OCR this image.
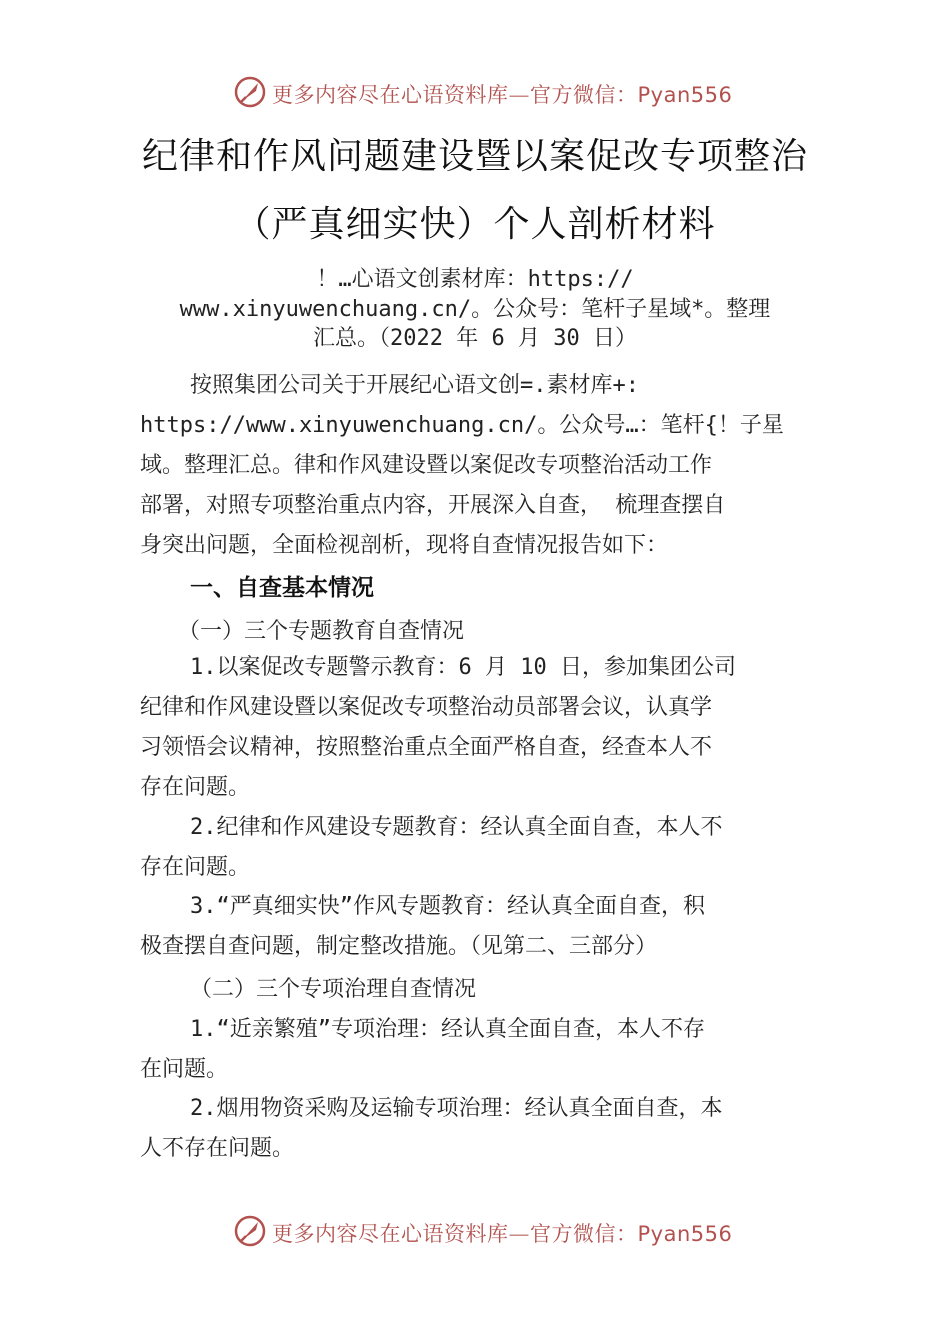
更多内容尽在心语资料库—官方微信：Pyan556
纪律和作风问题建设暨以案促改专项整治
（严真细实快）个人剖析材料
！…心语文创素材库：https://
www.xinyuwenchuang.cn/。公众号：笔杆子星域*。整理
汇总。（2022 年 6 月 30 日）
按照集团公司关于开展纪心语文创=.素材库+:
https://www.xinyuwenchuang.cn/。公众号…：笔杆{！子星
域。整理汇总。律和作风建设暨以案促改专项整治活动工作
部署，对照专项整治重点内容，开展深入自查， 梳理查摆自
身突出问题，全面检视剖析，现将自查情况报告如下：
一、自查基本情况
（一）三个专题教育自查情况
1.以案促改专题警示教育：6 月 10 日，参加集团公司
纪律和作风建设暨以案促改专项整治动员部署会议，认真学
习领悟会议精神，按照整治重点全面严格自查，经查本人不
存在问题。
2.纪律和作风建设专题教育：经认真全面自查，本人不
存在问题。
3.“严真细实快”作风专题教育：经认真全面自查，积
极查摆自查问题，制定整改措施。（见第二、三部分）
（二）三个专项治理自查情况
1.“近亲繁殖”专项治理：经认真全面自查，本人不存
在问题。
2.烟用物资采购及运输专项治理：经认真全面自查，本
人不存在问题。
更多内容尽在心语资料库—官方微信：Pyan556
